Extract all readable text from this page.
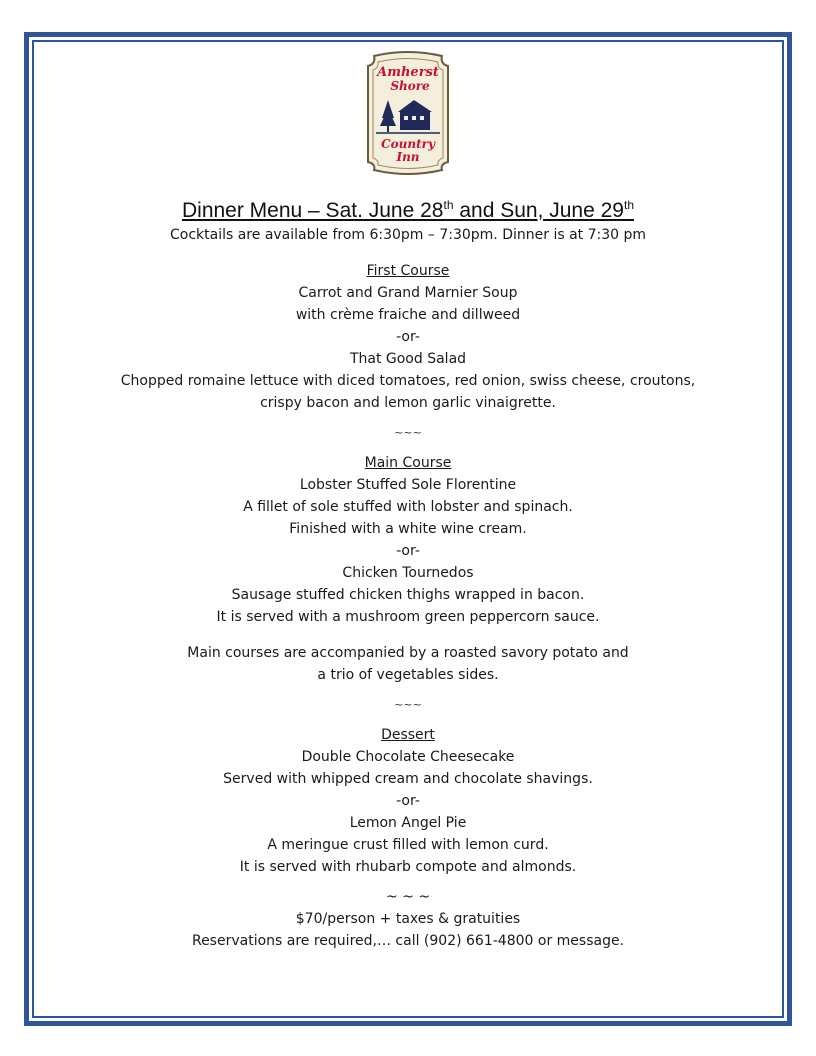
Amherst
Shore
Country
Inn
Dinner Menu – Sat. June 28th and Sun, June 29th

Cocktails are available from 6:30pm – 7:30pm. Dinner is at 7:30 pm

First Course

Carrot and Grand Marnier Soup

with crème fraiche and dillweed

-or-

That Good Salad

Chopped romaine lettuce with diced tomatoes, red onion, swiss cheese, croutons,

crispy bacon and lemon garlic vinaigrette.

~~~

Main Course

Lobster Stuffed Sole Florentine

A fillet of sole stuffed with lobster and spinach.

Finished with a white wine cream.

-or-

Chicken Tournedos

Sausage stuffed chicken thighs wrapped in bacon.

It is served with a mushroom green peppercorn sauce.

Main courses are accompanied by a roasted savory potato and

a trio of vegetables sides.

~~~

Dessert

Double Chocolate Cheesecake

Served with whipped cream and chocolate shavings.

-or-

Lemon Angel Pie

A meringue crust filled with lemon curd.

It is served with rhubarb compote and almonds.

~ ~ ~

$70/person + taxes & gratuities

Reservations are required,… call (902) 661-4800 or message.
